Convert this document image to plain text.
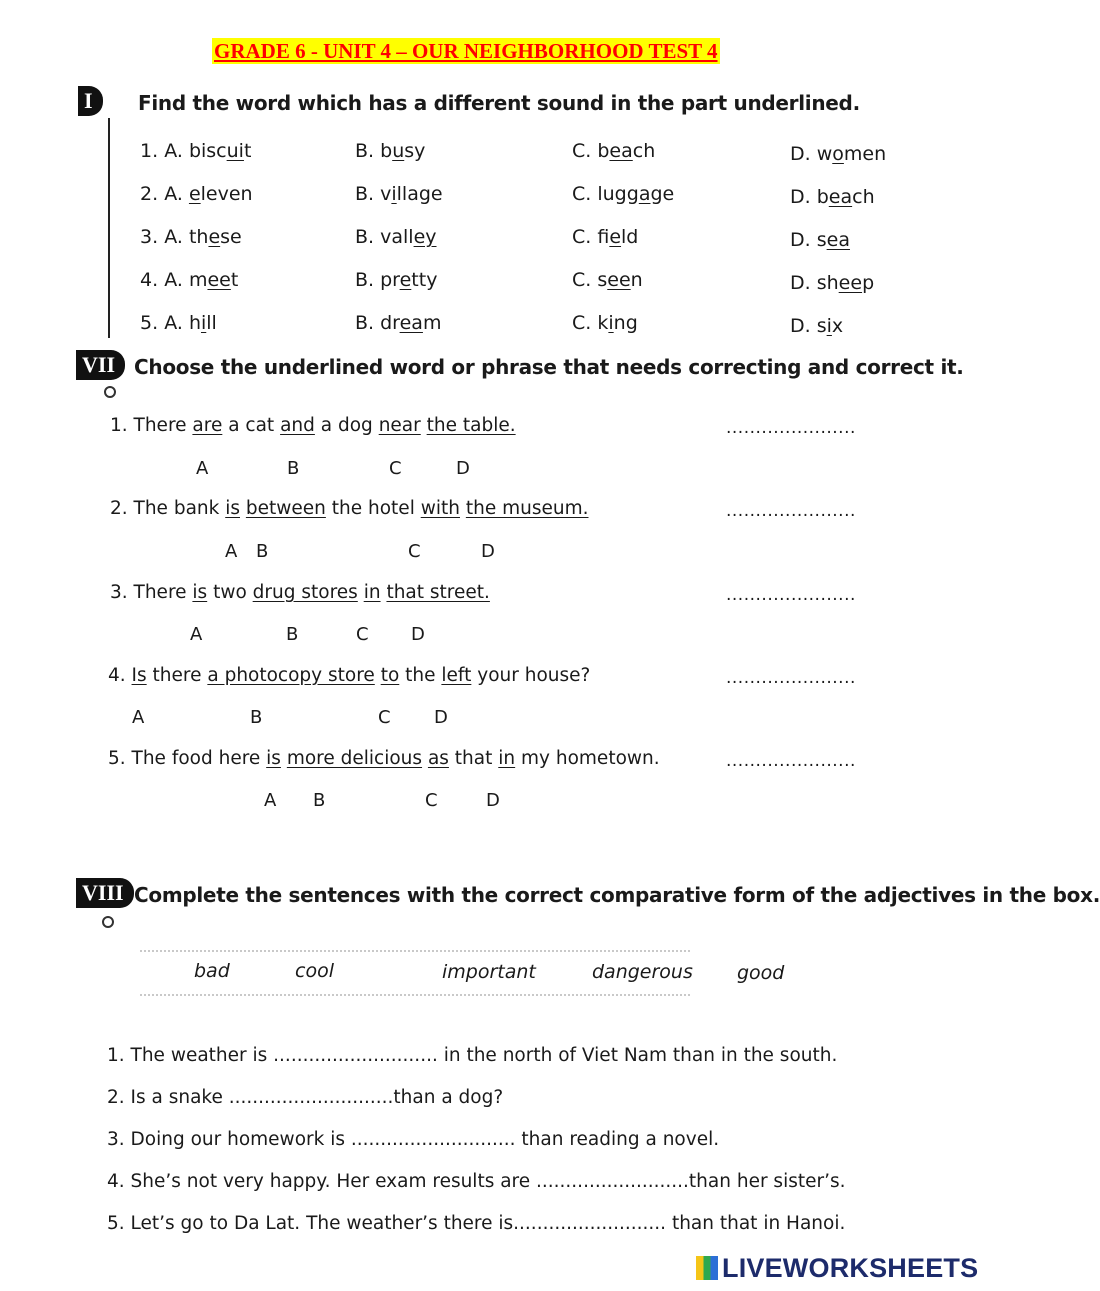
GRADE 6 - UNIT 4 – OUR NEIGHBORHOOD TEST 4
I	Find the word which has a different sound in the part underlined.
1. A. biscuit	B. busy	C. beach	D. women
2. A. eleven	B. village	C. luggage	D. beach
3. A. these	B. valley	C. field	D. sea
4. A. meet	B. pretty	C. seen	D. sheep
5. A. hill	B. dream	C. king	D. six
VII Choose the underlined word or phrase that needs correcting and correct it.
1. There are a cat and a dog near the table.	......................
A	B	C	D
2. The bank is between the hotel with the museum.	......................
A B	C	D
3. There is two drug stores in that street.	......................
A	B	C D
4. Is there a photocopy store to the left your house?	......................
A	B	C D
5. The food here is more delicious as that in my hometown.	......................
A B	C	D
VIII Complete the sentences with the correct comparative form of the adjectives in the box.
bad	cool	important	dangerous good
1. The weather is ............................ in the north of Viet Nam than in the south.
2. Is a snake ............................than a dog?
3. Doing our homework is ............................ than reading a novel.
4. She’s not very happy. Her exam results are ..........................than her sister’s.
5. Let’s go to Da Lat. The weather’s there is.......................... than that in Hanoi.
LIVEWORKSHEETS
